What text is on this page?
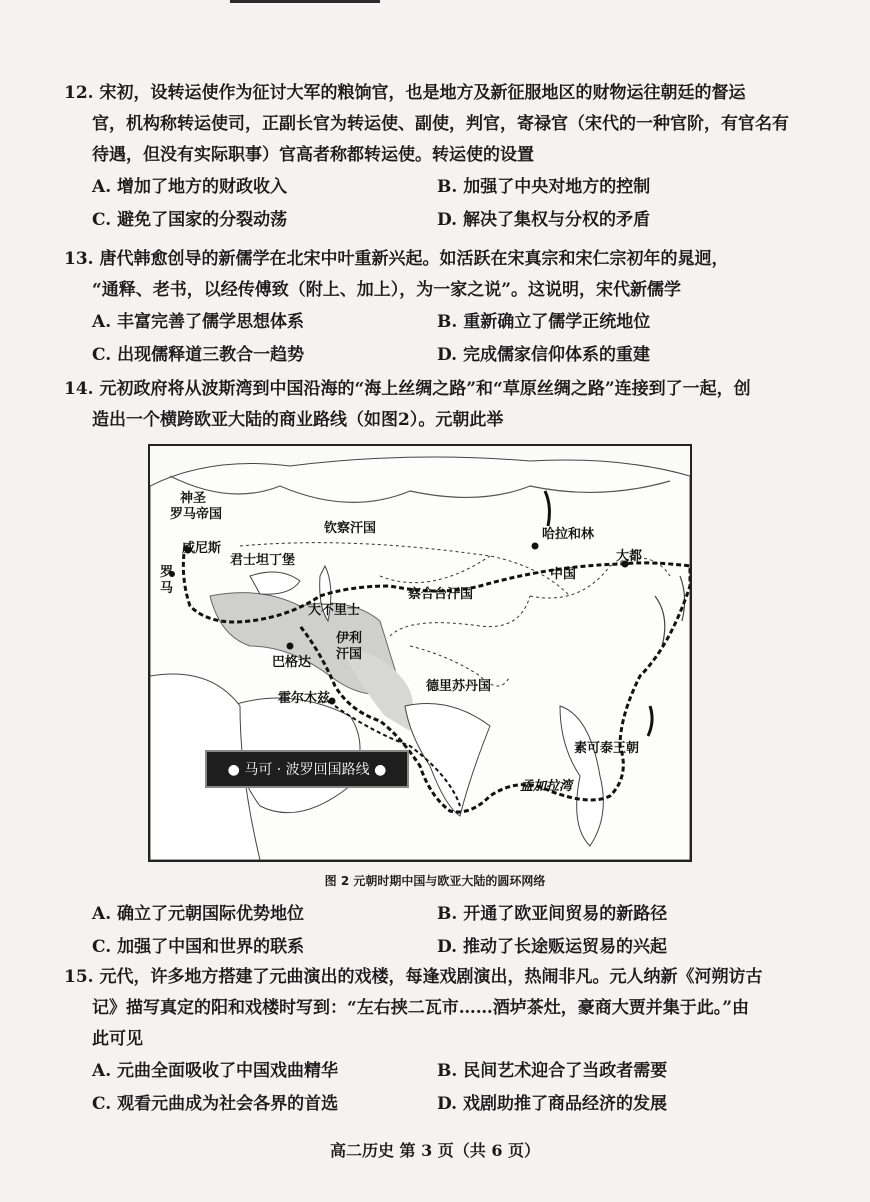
12. 宋初，设转运使作为征讨大军的粮饷官，也是地方及新征服地区的财物运往朝廷的督运
官，机构称转运使司，正副长官为转运使、副使，判官，寄禄官（宋代的一种官阶，有官名有
待遇，但没有实际职事）官高者称都转运使。转运使的设置
A. 增加了地方的财政收入	B. 加强了中央对地方的控制
C. 避免了国家的分裂动荡	D. 解决了集权与分权的矛盾
13. 唐代韩愈创导的新儒学在北宋中叶重新兴起。如活跃在宋真宗和宋仁宗初年的晁迥，
“通释、老书，以经传傅致（附上、加上），为一家之说”。这说明，宋代新儒学
A. 丰富完善了儒学思想体系	B. 重新确立了儒学正统地位
C. 出现儒释道三教合一趋势	D. 完成儒家信仰体系的重建
14. 元初政府将从波斯湾到中国沿海的“海上丝绸之路”和“草原丝绸之路”连接到了一起，创
造出一个横跨欧亚大陆的商业路线（如图2）。元朝此举
神圣
罗马帝国
威尼斯
罗
马
君士坦丁堡
钦察汗国	哈拉和林
大都
中国
大不里士
察合台汗国
伊利
汗国
巴格达
霍尔木兹
德里苏丹国
素可泰王朝
孟加拉湾
● 马可 · 波罗回国路线 ●
图 2 元朝时期中国与欧亚大陆的圆环网络
A. 确立了元朝国际优势地位	B. 开通了欧亚间贸易的新路径
C. 加强了中国和世界的联系	D. 推动了长途贩运贸易的兴起
15. 元代，许多地方搭建了元曲演出的戏楼，每逢戏剧演出，热闹非凡。元人纳新《河朔访古
记》描写真定的阳和戏楼时写到：“左右挟二瓦市……酒垆茶灶，豪商大贾并集于此。”由
此可见
A. 元曲全面吸收了中国戏曲精华	B. 民间艺术迎合了当政者需要
C. 观看元曲成为社会各界的首选	D. 戏剧助推了商品经济的发展
高二历史 第 3 页（共 6 页）
